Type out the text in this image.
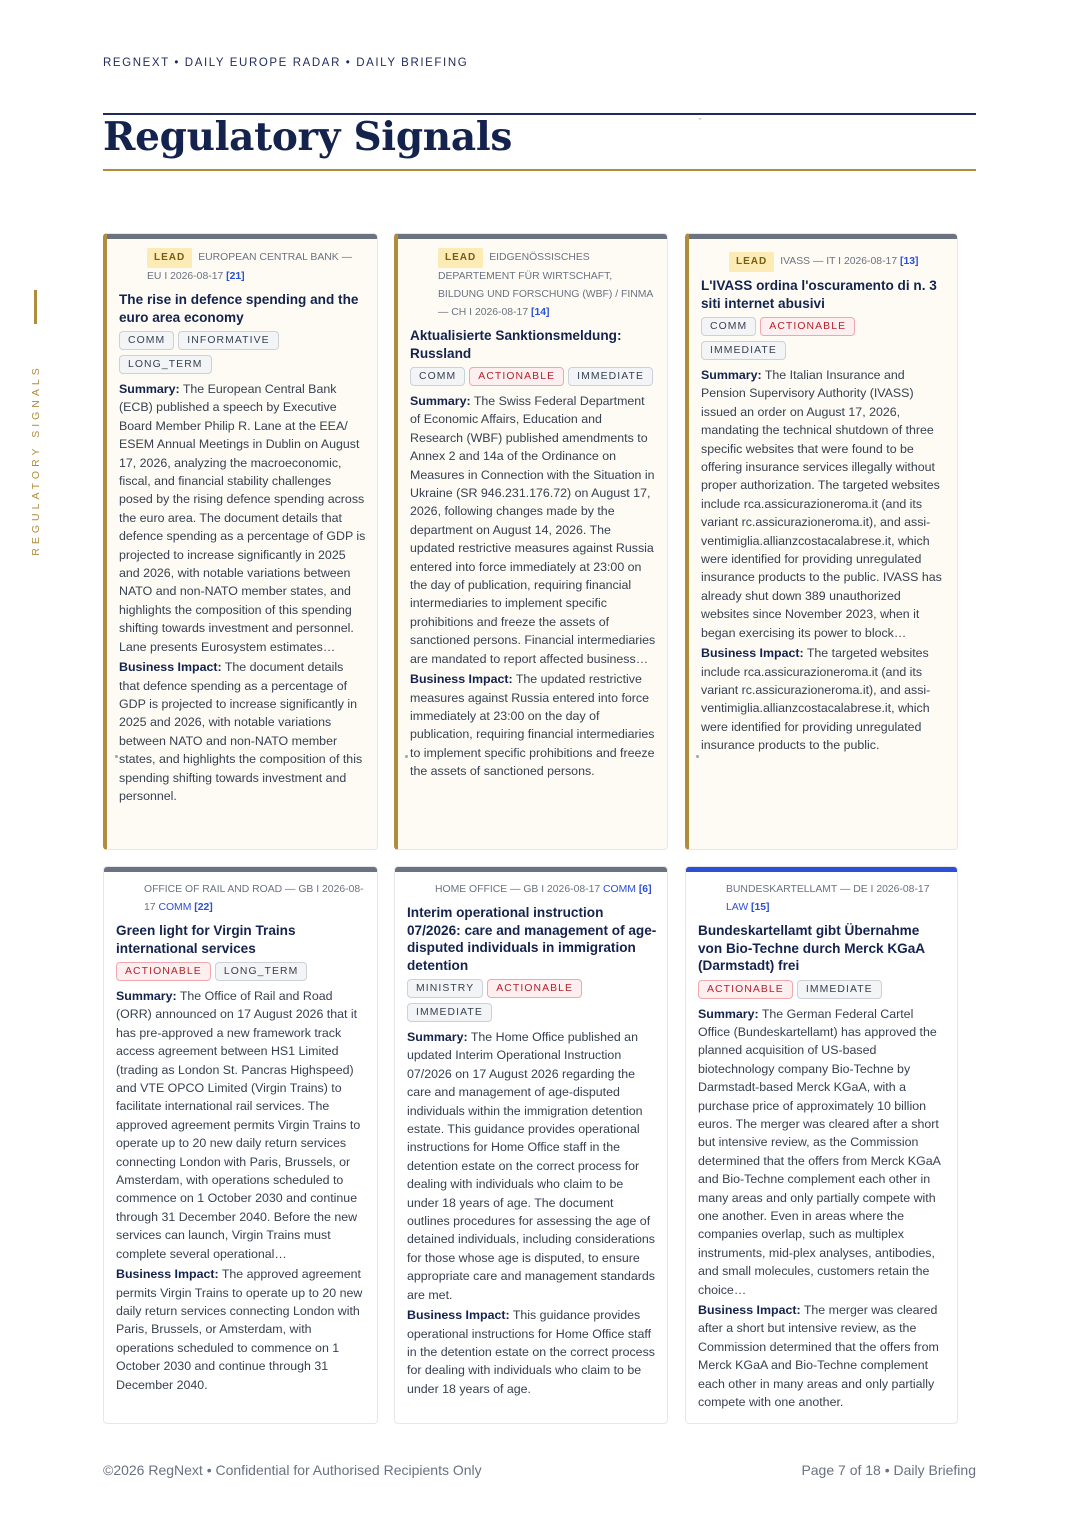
REGNEXT • DAILY EUROPE RADAR • DAILY BRIEFING
Regulatory Signals	"
REGULATORY SIGNALS
LEAD EUROPEAN CENTRAL BANK — EU I 2026-08-17 [21]
The rise in defence spending and the euro area economy
COMM INFORMATIVELONG_TERM

Summary: The European Central Bank (ECB) published a speech by Executive Board Member Philip R. Lane at the EEA/ ESEM Annual Meetings in Dublin on August 17, 2026, analyzing the macroeconomic, fiscal, and financial stability challenges posed by the rising defence spending across the euro area. The document details that defence spending as a percentage of GDP is projected to increase significantly in 2025 and 2026, with notable variations between NATO and non-NATO member states, and highlights the composition of this spending shifting towards investment and personnel. Lane presents Eurosystem estimates…

Business Impact: The document details that defence spending as a percentage of GDP is projected to increase significantly in 2025 and 2026, with notable variations between NATO and non-NATO member states, and highlights the composition of this spending shifting towards investment and personnel.

LEAD EIDGENÖSSISCHES DEPARTEMENT FÜR WIRTSCHAFT, BILDUNG UND FORSCHUNG (WBF) / FINMA — CH I 2026-08-17 [14]
Aktualisierte Sanktionsmeldung: Russland
COMM ACTIONABLE IMMEDIATE

Summary: The Swiss Federal Department of Economic Affairs, Education and Research (WBF) published amendments to Annex 2 and 14a of the Ordinance on Measures in Connection with the Situation in Ukraine (SR 946.231.176.72) on August 17, 2026, following changes made by the department on August 14, 2026. The updated restrictive measures against Russia entered into force immediately at 23:00 on the day of publication, requiring financial intermediaries to implement specific prohibitions and freeze the assets of sanctioned persons. Financial intermediaries are mandated to report affected business…

Business Impact: The updated restrictive measures against Russia entered into force immediately at 23:00 on the day of publication, requiring financial intermediaries to implement specific prohibitions and freeze the assets of sanctioned persons.

LEAD IVASS — IT I 2026-08-17 [13]
L'IVASS ordina l'oscuramento di n. 3 siti internet abusivi
COMM ACTIONABLEIMMEDIATE

Summary: The Italian Insurance and Pension Supervisory Authority (IVASS) issued an order on August 17, 2026, mandating the technical shutdown of three specific websites that were found to be offering insurance services illegally without proper authorization. The targeted websites include rca.assicurazioneroma.it (and its variant rc.assicurazioneroma.it), and assi-ventimiglia.allianzcostacalabrese.it, which were identified for providing unregulated insurance products to the public. IVASS has already shut down 389 unauthorized websites since November 2023, when it began exercising its power to block…

Business Impact: The targeted websites include rca.assicurazioneroma.it (and its variant rc.assicurazioneroma.it), and assi-ventimiglia.allianzcostacalabrese.it, which were identified for providing unregulated insurance products to the public.

OFFICE OF RAIL AND ROAD — GB I 2026-08-17 COMM [22]
Green light for Virgin Trains international services
ACTIONABLE LONG_TERM

Summary: The Office of Rail and Road (ORR) announced on 17 August 2026 that it has pre-approved a new framework track access agreement between HS1 Limited (trading as London St. Pancras Highspeed) and VTE OPCO Limited (Virgin Trains) to facilitate international rail services. The approved agreement permits Virgin Trains to operate up to 20 new daily return services connecting London with Paris, Brussels, or Amsterdam, with operations scheduled to commence on 1 October 2030 and continue through 31 December 2040. Before the new services can launch, Virgin Trains must complete several operational…

Business Impact: The approved agreement permits Virgin Trains to operate up to 20 new daily return services connecting London with Paris, Brussels, or Amsterdam, with operations scheduled to commence on 1 October 2030 and continue through 31 December 2040.

HOME OFFICE — GB I 2026-08-17 COMM [6]
Interim operational instruction 07/2026: care and management of age-disputed individuals in immigration detention
MINISTRY ACTIONABLEIMMEDIATE

Summary: The Home Office published an updated Interim Operational Instruction 07/2026 on 17 August 2026 regarding the care and management of age-disputed individuals within the immigration detention estate. This guidance provides operational instructions for Home Office staff in the detention estate on the correct process for dealing with individuals who claim to be under 18 years of age. The document outlines procedures for assessing the age of detained individuals, including considerations for those whose age is disputed, to ensure appropriate care and management standards are met.

Business Impact: This guidance provides operational instructions for Home Office staff in the detention estate on the correct process for dealing with individuals who claim to be under 18 years of age.

BUNDESKARTELLAMT — DE I 2026-08-17 LAW [15]
Bundeskartellamt gibt Übernahme von Bio-Techne durch Merck KGaA (Darmstadt) frei
ACTIONABLE IMMEDIATE

Summary: The German Federal Cartel Office (Bundeskartellamt) has approved the planned acquisition of US-based biotechnology company Bio-Techne by Darmstadt-based Merck KGaA, with a purchase price of approximately 10 billion euros. The merger was cleared after a short but intensive review, as the Commission determined that the offers from Merck KGaA and Bio-Techne complement each other in many areas and only partially compete with one another. Even in areas where the companies overlap, such as multiplex instruments, mid-plex analyses, antibodies, and small molecules, customers retain the choice…

Business Impact: The merger was cleared after a short but intensive review, as the Commission determined that the offers from Merck KGaA and Bio-Techne complement each other in many areas and only partially compete with one another.

©2026 RegNext • Confidential for Authorised Recipients Only	Page 7 of 18 • Daily Briefing
